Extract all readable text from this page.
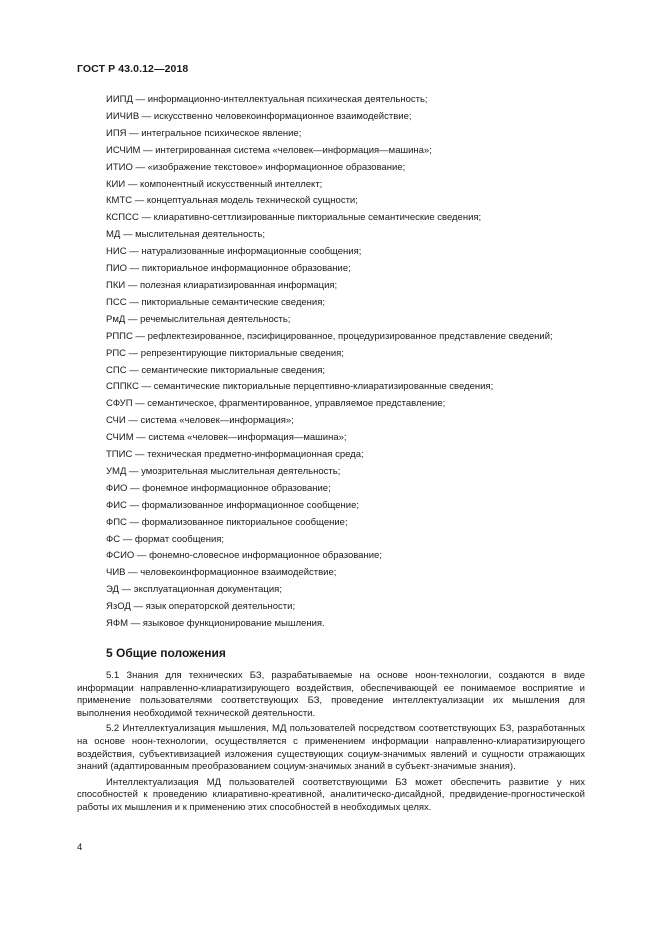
ГОСТ Р 43.0.12—2018

ИИПД — информационно-интеллектуальная психическая деятельность;

ИИЧИВ — искусственно человекоинформационное взаимодействие;

ИПЯ — интегральное психическое явление;

ИСЧИМ — интегрированная система «человек—информация—машина»;

ИТИО — «изображение текстовое» информационное образование;

КИИ — компонентный искусственный интеллект;

КМТС — концептуальная модель технической сущности;

КСПСС — клиаративно-сеттлизированные пикториальные семантические сведения;

МД — мыслительная деятельность;

НИС — натурализованные информационные сообщения;

ПИО — пикториальное информационное образование;

ПКИ — полезная клиаратизированная информация;

ПСС — пикториальные семантические сведения;

РмД — речемыслительная деятельность;

РППС — рефлектезированное, пэсифицированное, процедуризированное представление сведений;

РПС — репрезентирующие пикториальные сведения;

СПС — семантические пикториальные сведения;

СППКС — семантические пикториальные перцептивно-клиаратизированные сведения;

СФУП — семантическое, фрагментированное, управляемое представление;

СЧИ — система «человек—информация»;

СЧИМ — система «человек—информация—машина»;

ТПИС — техническая предметно-информационная среда;

УМД — умозрительная мыслительная деятельность;

ФИО — фонемное информационное образование;

ФИС — формализованное информационное сообщение;

ФПС — формализованное пикториальное сообщение;

ФС — формат сообщения;

ФСИО — фонемно-словесное информационное образование;

ЧИВ — человекоинформационное взаимодействие;

ЭД — эксплуатационная документация;

ЯзОД — язык операторской деятельности;

ЯФМ — языковое функционирование мышления.

5 Общие положения

5.1 Знания для технических БЗ, разрабатываемые на основе ноон-технологии, создаются в виде информации направленно-клиаратизирующего воздействия, обеспечивающей ее понимаемое восприятие и применение пользователями соответствующих БЗ, проведение интеллектуализации их мышления для выполнения необходимой технической деятельности.

5.2 Интеллектуализация мышления, МД пользователей посредством соответствующих БЗ, разработанных на основе ноон-технологии, осуществляется с применением информации направленно-клиаратизирующего воздействия, субъективизацией изложения существующих социум-значимых явлений и сущности отражающих знаний (адаптированным преобразованием социум-значимых знаний в субъект-значимые знания).

Интеллектуализация МД пользователей соответствующими БЗ может обеспечить развитие у них способностей к проведению клиаративно-креативной, аналитическо-дисайдной, предвидение-прогностической работы их мышления и к применению этих способностей в необходимых целях.

4
